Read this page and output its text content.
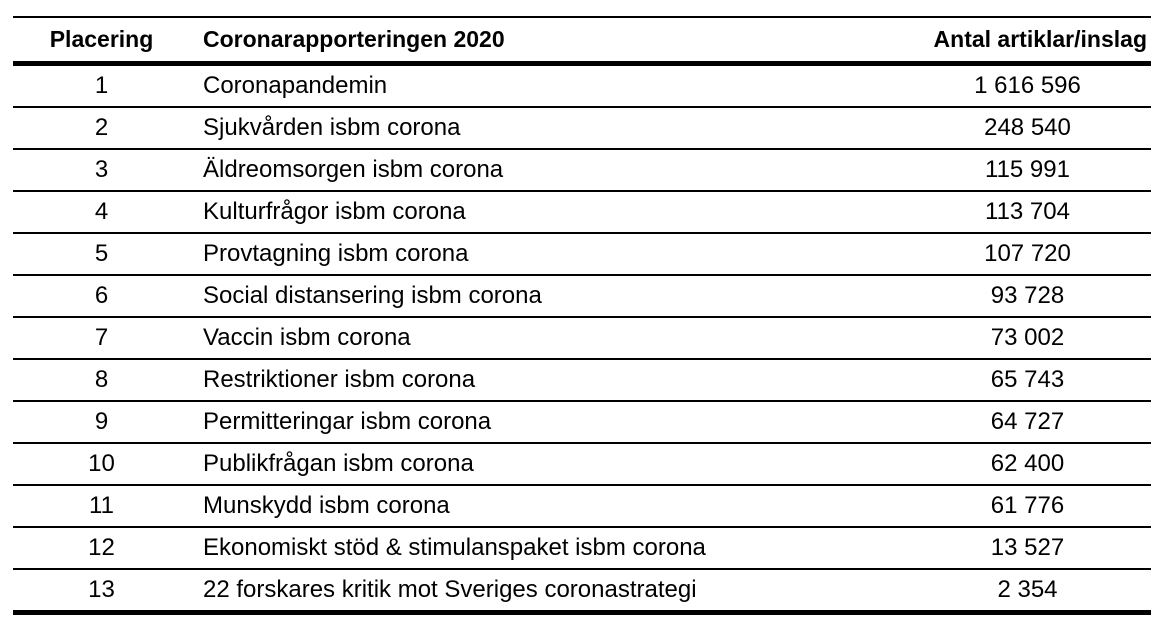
Placering	Coronarapporteringen 2020	Antal artiklar/inslag
1	Coronapandemin	1 616 596
2	Sjukvården isbm corona	248 540
3	Äldreomsorgen isbm corona	115 991
4	Kulturfrågor isbm corona	113 704
5	Provtagning isbm corona	107 720
6	Social distansering isbm corona	93 728
7	Vaccin isbm corona	73 002
8	Restriktioner isbm corona	65 743
9	Permitteringar isbm corona	64 727
10	Publikfrågan isbm corona	62 400
11	Munskydd isbm corona	61 776
12	Ekonomiskt stöd & stimulanspaket isbm corona	13 527
13	22 forskares kritik mot Sveriges coronastrategi	2 354
